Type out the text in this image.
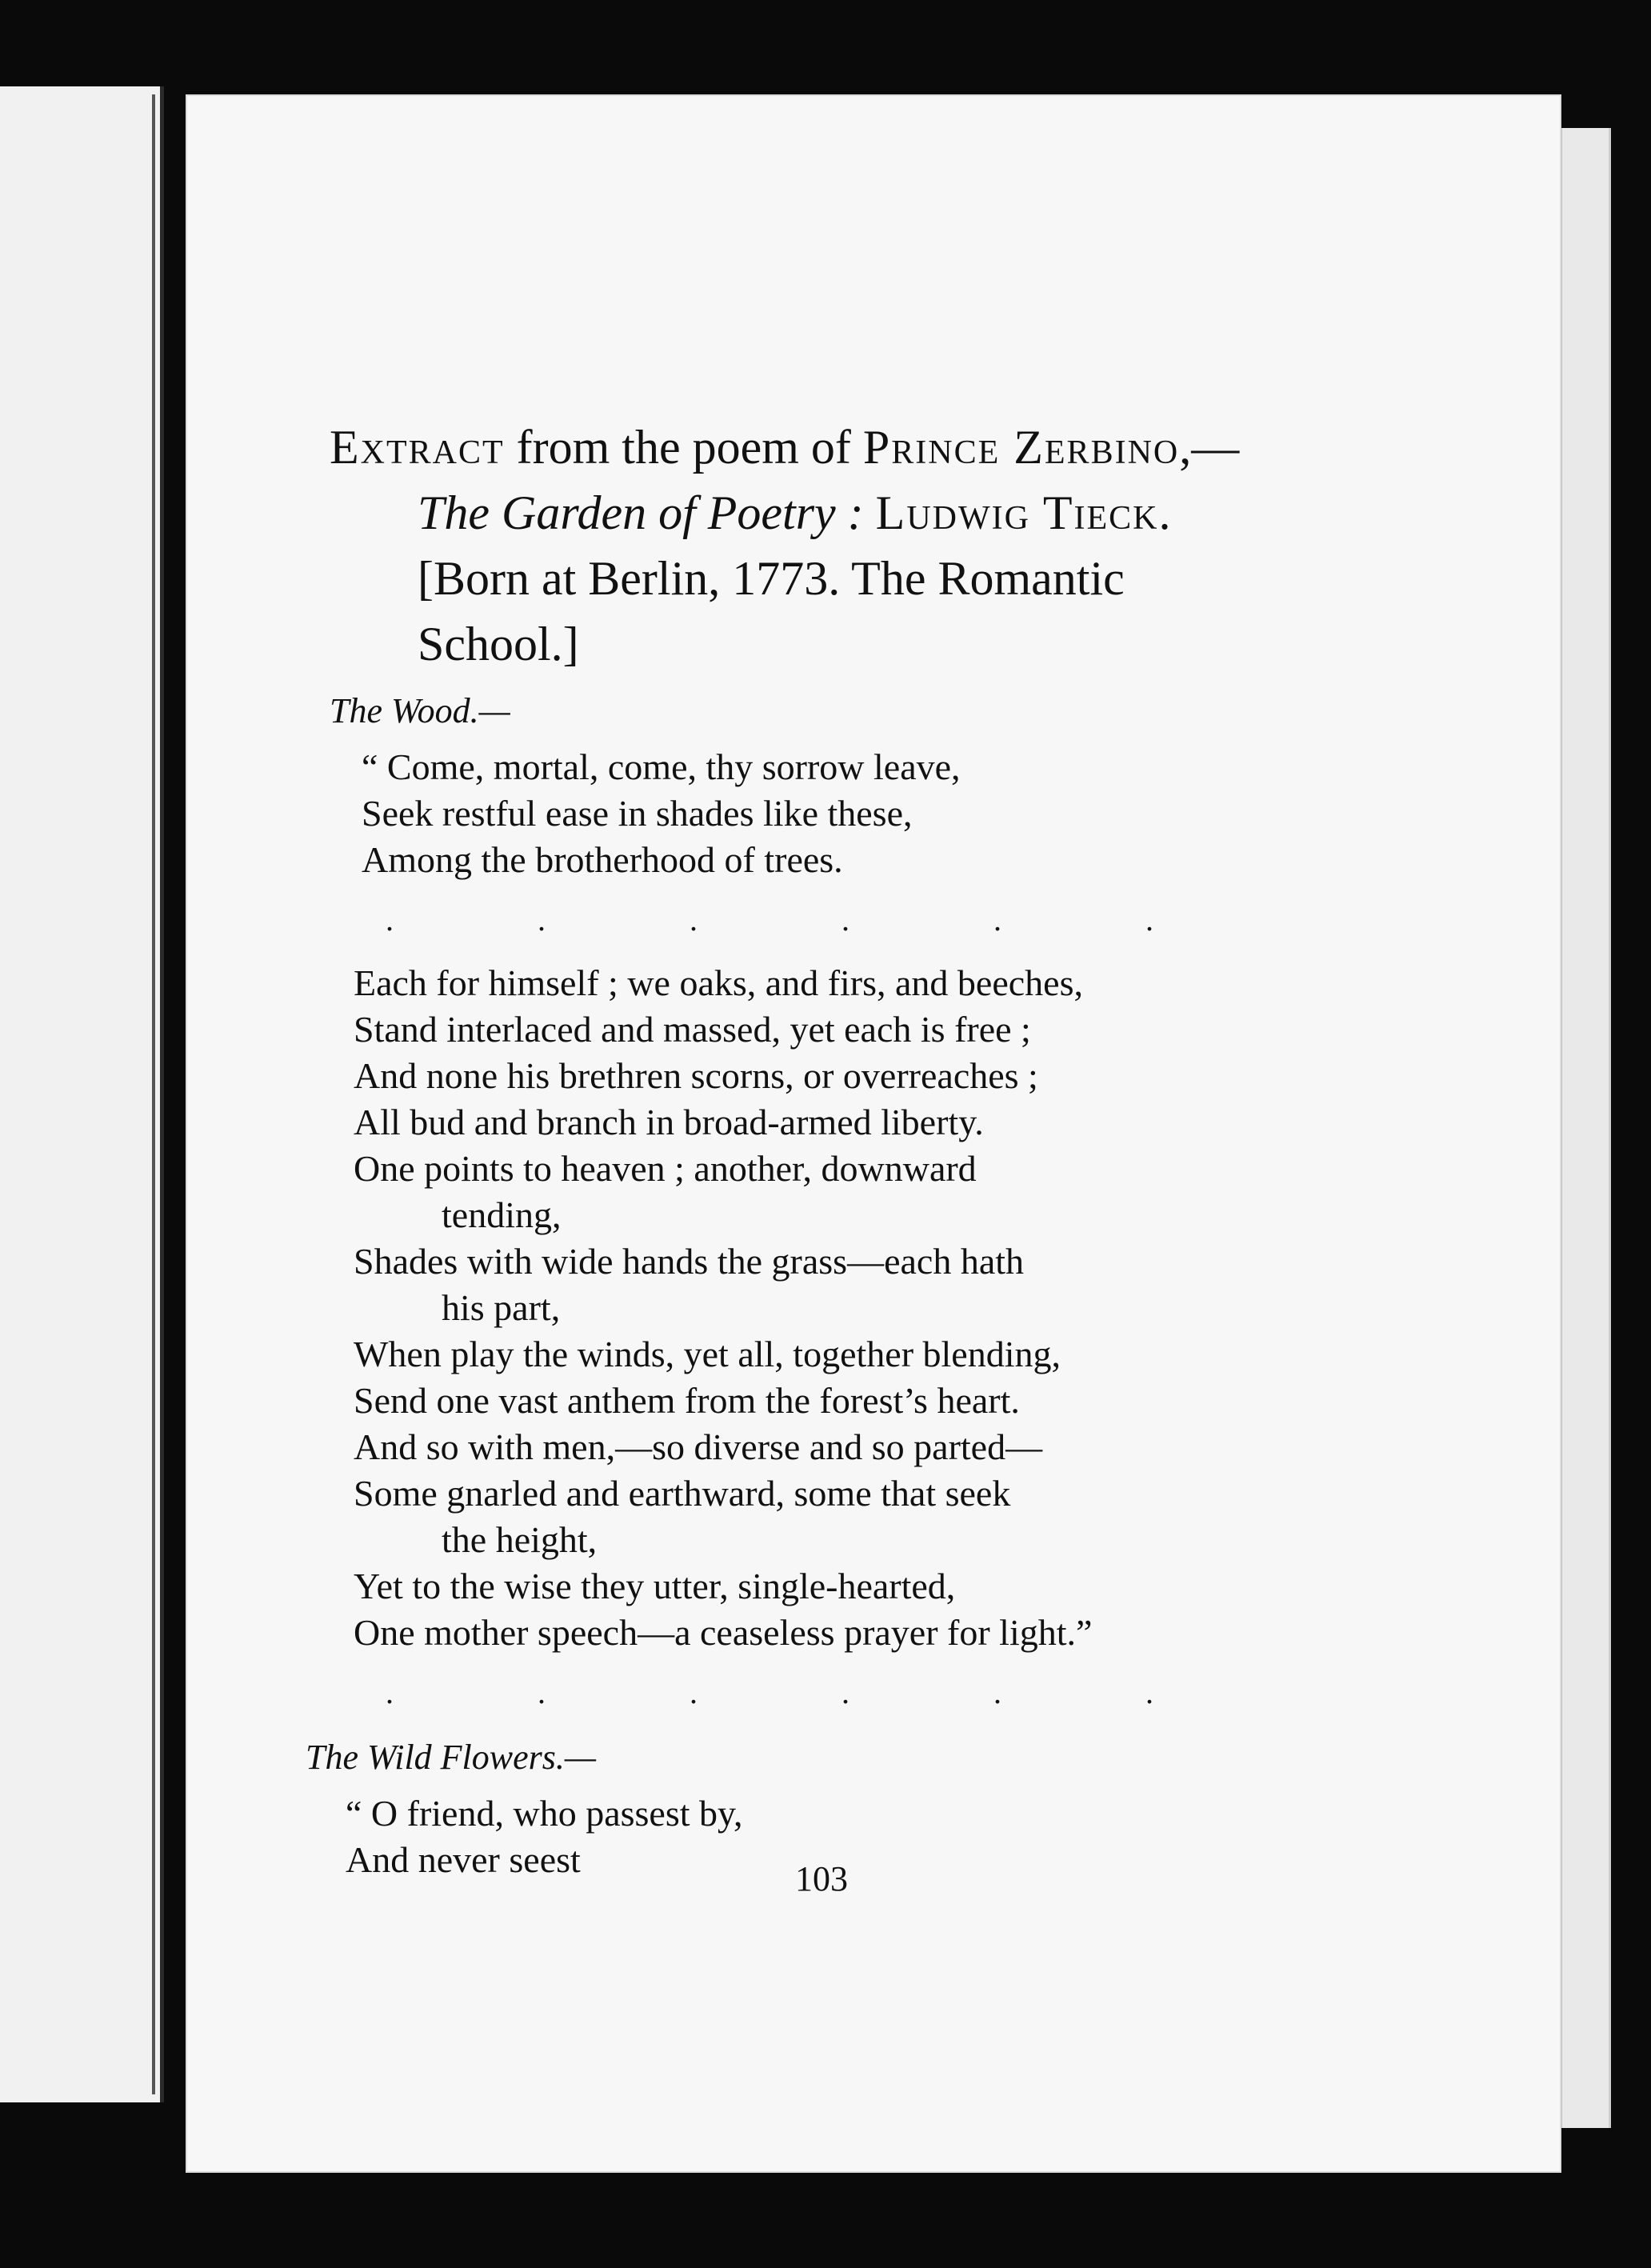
Extract from the poem of Prince Zerbino,—The Garden of Poetry : Ludwig Tieck. [Born at Berlin, 1773. The Romantic School.]

The Wood.—

“ Come, mortal, come, thy sorrow leave,
Seek restful ease in shades like these,
Among the brotherhood of trees.
.	.	.	.	.	.
Each for himself ; we oaks, and firs, and beeches,
Stand interlaced and massed, yet each is free ;
And none his brethren scorns, or overreaches ;
All bud and branch in broad-armed liberty.
One points to heaven ; another, downward
tending,
Shades with wide hands the grass—each hath
his part,
When play the winds, yet all, together blending,
Send one vast anthem from the forest’s heart.
And so with men,—so diverse and so parted—
Some gnarled and earthward, some that seek
the height,
Yet to the wise they utter, single-hearted,
One mother speech—a ceaseless prayer for light.”
.	.	.	.	.	.

The Wild Flowers.—

“ O friend, who passest by,
And never seest	103
